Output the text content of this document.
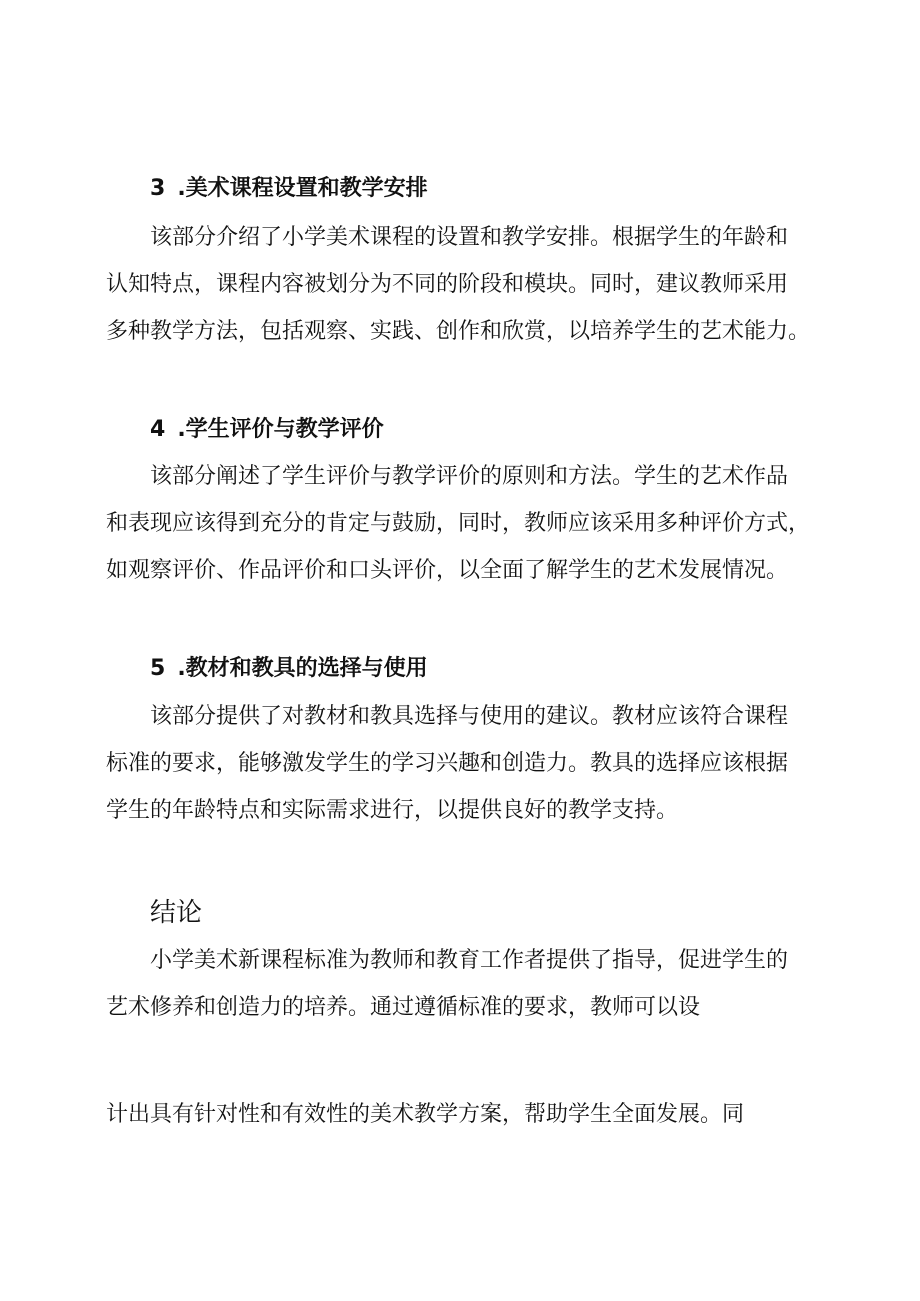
3 .美术课程设置和教学安排

该部分介绍了小学美术课程的设置和教学安排。根据学生的年龄和
认知特点，课程内容被划分为不同的阶段和模块。同时，建议教师采用
多种教学方法，包括观察、实践、创作和欣赏，以培养学生的艺术能力。

4 .学生评价与教学评价

该部分阐述了学生评价与教学评价的原则和方法。学生的艺术作品
和表现应该得到充分的肯定与鼓励，同时，教师应该采用多种评价方式，
如观察评价、作品评价和口头评价，以全面了解学生的艺术发展情况。

5 .教材和教具的选择与使用

该部分提供了对教材和教具选择与使用的建议。教材应该符合课程
标准的要求，能够激发学生的学习兴趣和创造力。教具的选择应该根据
学生的年龄特点和实际需求进行，以提供良好的教学支持。

结论

小学美术新课程标准为教师和教育工作者提供了指导，促进学生的
艺术修养和创造力的培养。通过遵循标准的要求，教师可以设

计出具有针对性和有效性的美术教学方案，帮助学生全面发展。同
